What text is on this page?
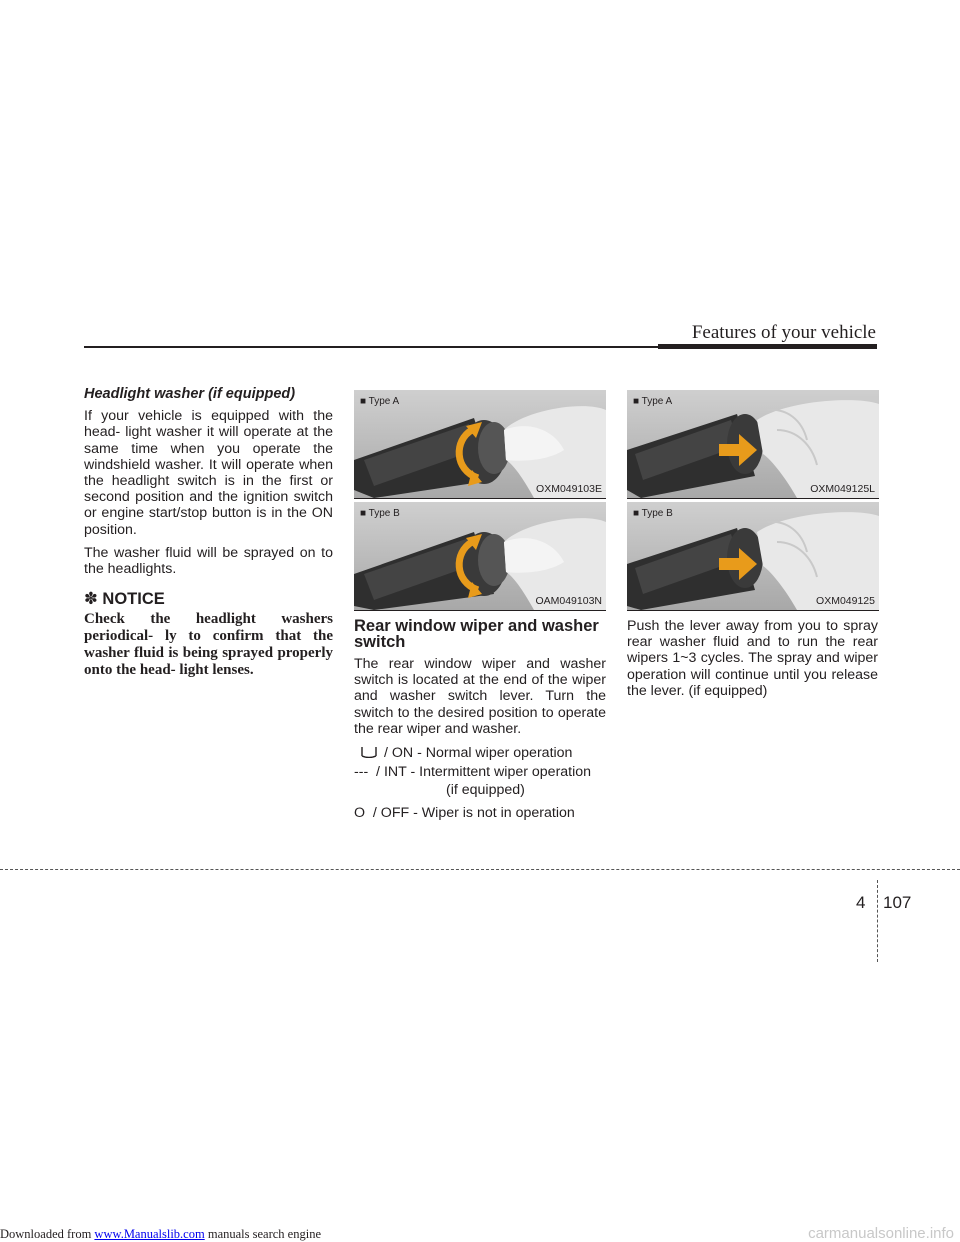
Features of your vehicle
Headlight washer (if equipped)

If your vehicle is equipped with the head- light washer it will operate at the same time when you operate the windshield washer. It will operate when the headlight switch is in the first or second position and the ignition switch or engine start/stop button is in the ON position.

The washer fluid will be sprayed on to the headlights.

✽ NOTICE
Check the headlight washers periodical- ly to confirm that the washer fluid is being sprayed properly onto the head- light lenses.
■ Type A
OXM049103E
■ Type B
OAM049103N
Rear window wiper and washer switch

The rear window wiper and washer switch is located at the end of the wiper and washer switch lever. Turn the switch to the desired position to operate the rear wiper and washer.

/ ON - Normal wiper operation
---  / INT - Intermittent wiper operation
(if equipped)
O  / OFF - Wiper is not in operation
■ Type A
OXM049125L
■ Type B
OXM049125

Push the lever away from you to spray rear washer fluid and to run the rear wipers 1~3 cycles. The spray and wiper operation will continue until you release the lever. (if equipped)

4 107
Downloaded from www.Manualslib.com manuals search engine	carmanualsonline.info
